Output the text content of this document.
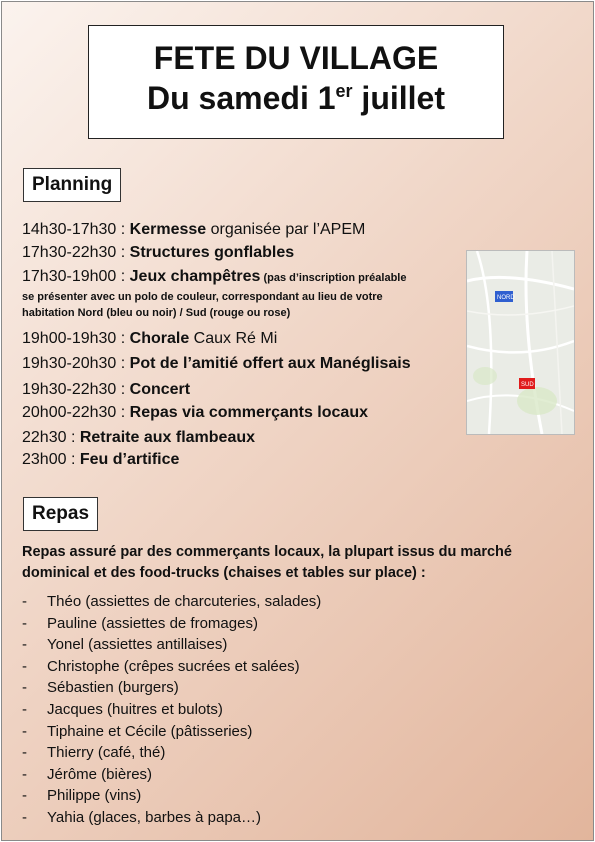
FETE DU VILLAGE
Du samedi 1er juillet
Planning
14h30-17h30 : Kermesse organisée par l’APEM
17h30-22h30 : Structures gonflables
17h30-19h00 : Jeux champêtres (pas d’inscription préalable
se présenter avec un polo de couleur, correspondant au lieu de votre
habitation Nord (bleu ou noir) / Sud (rouge ou rose)
19h00-19h30 : Chorale Caux Ré Mi
19h30-20h30 : Pot de l’amitié offert aux Manéglisais
19h30-22h30 : Concert
20h00-22h30 : Repas via commerçants locaux
22h30 : Retraite aux flambeaux
23h00 : Feu d’artifice
NORD
SUD
Repas
Repas assuré par des commerçants locaux, la plupart issus du marché
dominical et des food-trucks (chaises et tables sur place) :
- Théo (assiettes de charcuteries, salades)
- Pauline (assiettes de fromages)
- Yonel (assiettes antillaises)
- Christophe (crêpes sucrées et salées)
- Sébastien (burgers)
- Jacques (huitres et bulots)
- Tiphaine et Cécile (pâtisseries)
- Thierry (café, thé)
- Jérôme (bières)
- Philippe (vins)
- Yahia (glaces, barbes à papa…)
